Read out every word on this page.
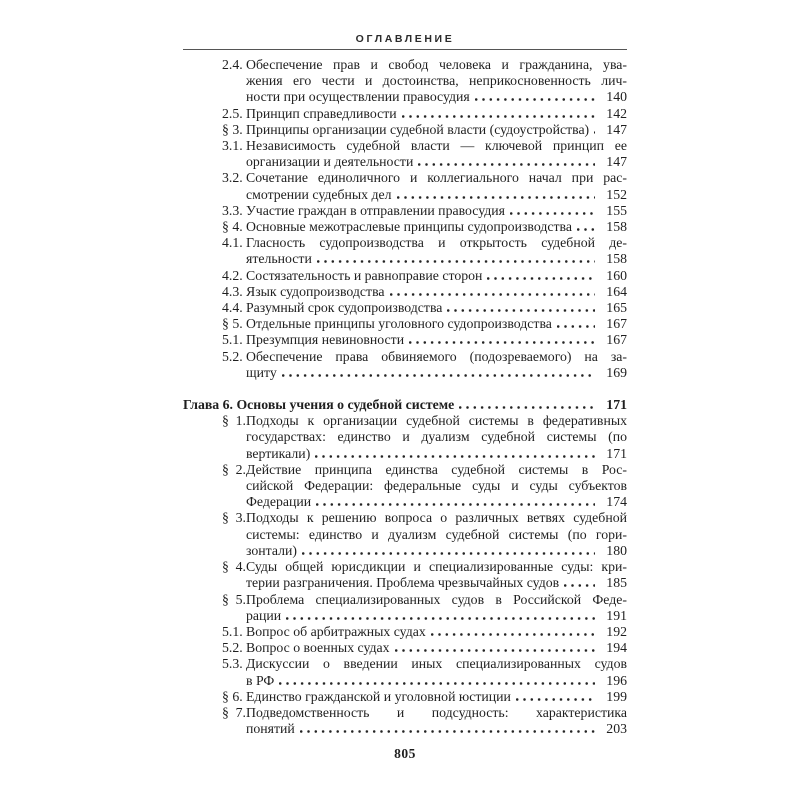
ОГЛАВЛЕНИЕ
2.4. Обеспечение прав и свобод человека и гражданина, ува-
жения его чести и достоинства, неприкосновенность лич-
ности при осуществлении правосудия	140
2.5. Принцип справедливости	142
§ 3. Принципы организации судебной власти (судоустройства)	147
3.1. Независимость судебной власти — ключевой принцип ее
организации и деятельности	147
3.2. Сочетание единоличного и коллегиального начал при рас-
смотрении судебных дел	152
3.3. Участие граждан в отправлении правосудия	155
§ 4. Основные межотраслевые принципы судопроизводства	158
4.1. Гласность судопроизводства и открытость судебной де-
ятельности	158
4.2. Состязательность и равноправие сторон	160
4.3. Язык судопроизводства	164
4.4. Разумный срок судопроизводства	165
§ 5. Отдельные принципы уголовного судопроизводства	167
5.1. Презумпция невиновности	167
5.2. Обеспечение права обвиняемого (подозреваемого) на за-
щиту	169
Глава 6. Основы учения о судебной системе	171
§ 1.Подходы к организации судебной системы в федеративных
государствах: единство и дуализм судебной системы (по
вертикали)	171
§ 2.Действие принципа единства судебной системы в Рос-
сийской Федерации: федеральные суды и суды субъектов
Федерации	174
§ 3.Подходы к решению вопроса о различных ветвях судебной
системы: единство и дуализм судебной системы (по гори-
зонтали)	180
§ 4.Суды общей юрисдикции и специализированные суды: кри-
терии разграничения. Проблема чрезвычайных судов	185
§ 5.Проблема специализированных судов в Российской Феде-
рации	191
5.1. Вопрос об арбитражных судах	192
5.2. Вопрос о военных судах	194
5.3. Дискуссии о введении иных специализированных судов
в РФ	196
§ 6. Единство гражданской и уголовной юстиции	199
§ 7.Подведомственность и подсудность: характеристика
понятий	203
805
